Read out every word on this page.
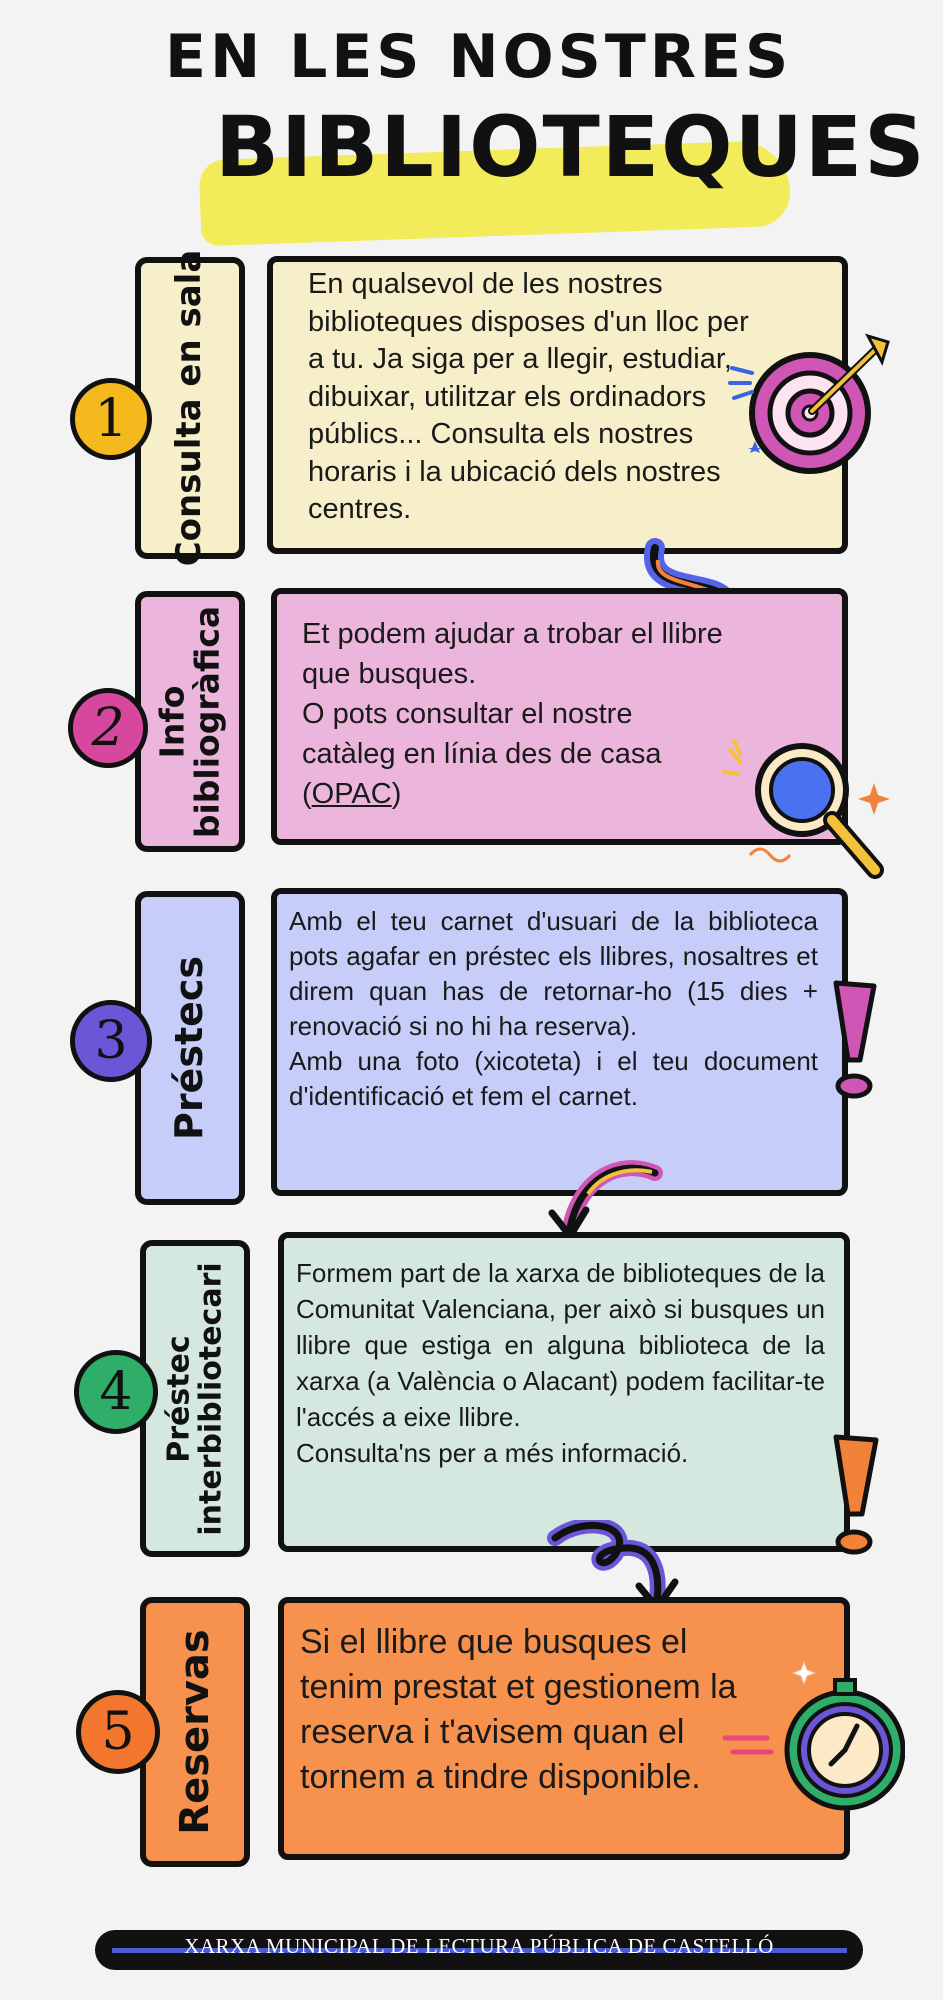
EN LES NOSTRES
BIBLIOTEQUES
Consulta en sala
1
En qualsevol de les nostres biblioteques disposes d'un lloc per a tu. Ja siga per a llegir, estudiar, dibuixar, utilitzar els ordinadors públics... Consulta els nostres horaris i la ubicació dels nostres centres.
Info
bibliogràfica
2
Et podem ajudar a trobar el llibre que busques.
O pots consultar el nostre catàleg en línia des de casa (OPAC)
Préstecs
3
Amb el teu carnet d'usuari de la biblioteca pots agafar en préstec els llibres, nosaltres et direm quan has de retornar-ho (15 dies + renovació si no hi ha reserva).
Amb una foto (xicoteta) i el teu document d'identificació et fem el carnet.
Préstec
interbibliotecari
4
Formem part de la xarxa de biblioteques de la Comunitat Valenciana, per això si busques un llibre que estiga en alguna biblioteca de la xarxa (a València o Alacant) podem facilitar-te l'accés a eixe llibre.
Consulta'ns per a més informació.
Reservas
5
Si el llibre que busques el tenim prestat et gestionem la reserva i t'avisem quan el tornem a tindre disponible.
XARXA MUNICIPAL DE LECTURA PÚBLICA DE CASTELLÓ
